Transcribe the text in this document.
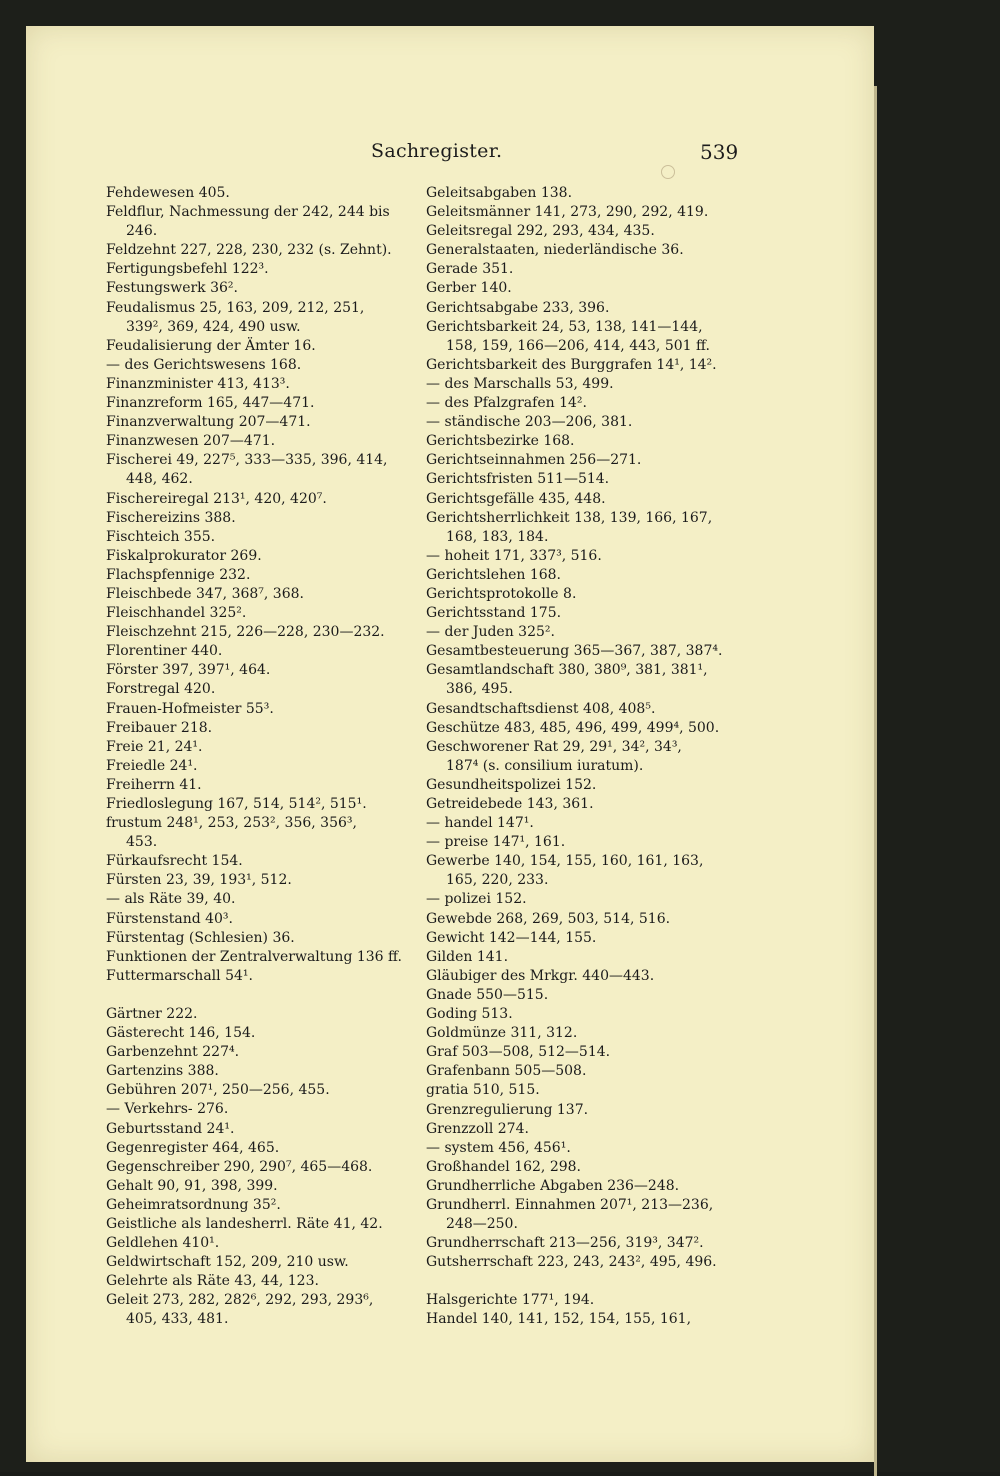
Sachregister.	539
Fehdewesen 405.
Feldflur, Nachmessung der 242, 244 bis
246.
Feldzehnt 227, 228, 230, 232 (s. Zehnt).
Fertigungsbefehl 122³.
Festungswerk 36².
Feudalismus 25, 163, 209, 212, 251,
339², 369, 424, 490 usw.
Feudalisierung der Ämter 16.
— des Gerichtswesens 168.
Finanzminister 413, 413³.
Finanzreform 165, 447—471.
Finanzverwaltung 207—471.
Finanzwesen 207—471.
Fischerei 49, 227⁵, 333—335, 396, 414,
448, 462.
Fischereiregal 213¹, 420, 420⁷.
Fischereizins 388.
Fischteich 355.
Fiskalprokurator 269.
Flachspfennige 232.
Fleischbede 347, 368⁷, 368.
Fleischhandel 325².
Fleischzehnt 215, 226—228, 230—232.
Florentiner 440.
Förster 397, 397¹, 464.
Forstregal 420.
Frauen-Hofmeister 55³.
Freibauer 218.
Freie 21, 24¹.
Freiedle 24¹.
Freiherrn 41.
Friedloslegung 167, 514, 514², 515¹.
frustum 248¹, 253, 253², 356, 356³,
453.
Fürkaufsrecht 154.
Fürsten 23, 39, 193¹, 512.
— als Räte 39, 40.
Fürstenstand 40³.
Fürstentag (Schlesien) 36.
Funktionen der Zentralverwaltung 136 ff.
Futtermarschall 54¹.
Gärtner 222.
Gästerecht 146, 154.
Garbenzehnt 227⁴.
Gartenzins 388.
Gebühren 207¹, 250—256, 455.
— Verkehrs- 276.
Geburtsstand 24¹.
Gegenregister 464, 465.
Gegenschreiber 290, 290⁷, 465—468.
Gehalt 90, 91, 398, 399.
Geheimratsordnung 35².
Geistliche als landesherrl. Räte 41, 42.
Geldlehen 410¹.
Geldwirtschaft 152, 209, 210 usw.
Gelehrte als Räte 43, 44, 123.
Geleit 273, 282, 282⁶, 292, 293, 293⁶,
405, 433, 481.
Geleitsabgaben 138.
Geleitsmänner 141, 273, 290, 292, 419.
Geleitsregal 292, 293, 434, 435.
Generalstaaten, niederländische 36.
Gerade 351.
Gerber 140.
Gerichtsabgabe 233, 396.
Gerichtsbarkeit 24, 53, 138, 141—144,
158, 159, 166—206, 414, 443, 501 ff.
Gerichtsbarkeit des Burggrafen 14¹, 14².
— des Marschalls 53, 499.
— des Pfalzgrafen 14².
— ständische 203—206, 381.
Gerichtsbezirke 168.
Gerichtseinnahmen 256—271.
Gerichtsfristen 511—514.
Gerichtsgefälle 435, 448.
Gerichtsherrlichkeit 138, 139, 166, 167,
168, 183, 184.
— hoheit 171, 337³, 516.
Gerichtslehen 168.
Gerichtsprotokolle 8.
Gerichtsstand 175.
— der Juden 325².
Gesamtbesteuerung 365—367, 387, 387⁴.
Gesamtlandschaft 380, 380⁹, 381, 381¹,
386, 495.
Gesandtschaftsdienst 408, 408⁵.
Geschütze 483, 485, 496, 499, 499⁴, 500.
Geschworener Rat 29, 29¹, 34², 34³,
187⁴ (s. consilium iuratum).
Gesundheitspolizei 152.
Getreidebede 143, 361.
— handel 147¹.
— preise 147¹, 161.
Gewerbe 140, 154, 155, 160, 161, 163,
165, 220, 233.
— polizei 152.
Gewebde 268, 269, 503, 514, 516.
Gewicht 142—144, 155.
Gilden 141.
Gläubiger des Mrkgr. 440—443.
Gnade 550—515.
Goding 513.
Goldmünze 311, 312.
Graf 503—508, 512—514.
Grafenbann 505—508.
gratia 510, 515.
Grenzregulierung 137.
Grenzzoll 274.
— system 456, 456¹.
Großhandel 162, 298.
Grundherrliche Abgaben 236—248.
Grundherrl. Einnahmen 207¹, 213—236,
248—250.
Grundherrschaft 213—256, 319³, 347².
Gutsherrschaft 223, 243, 243², 495, 496.
Halsgerichte 177¹, 194.
Handel 140, 141, 152, 154, 155, 161,
